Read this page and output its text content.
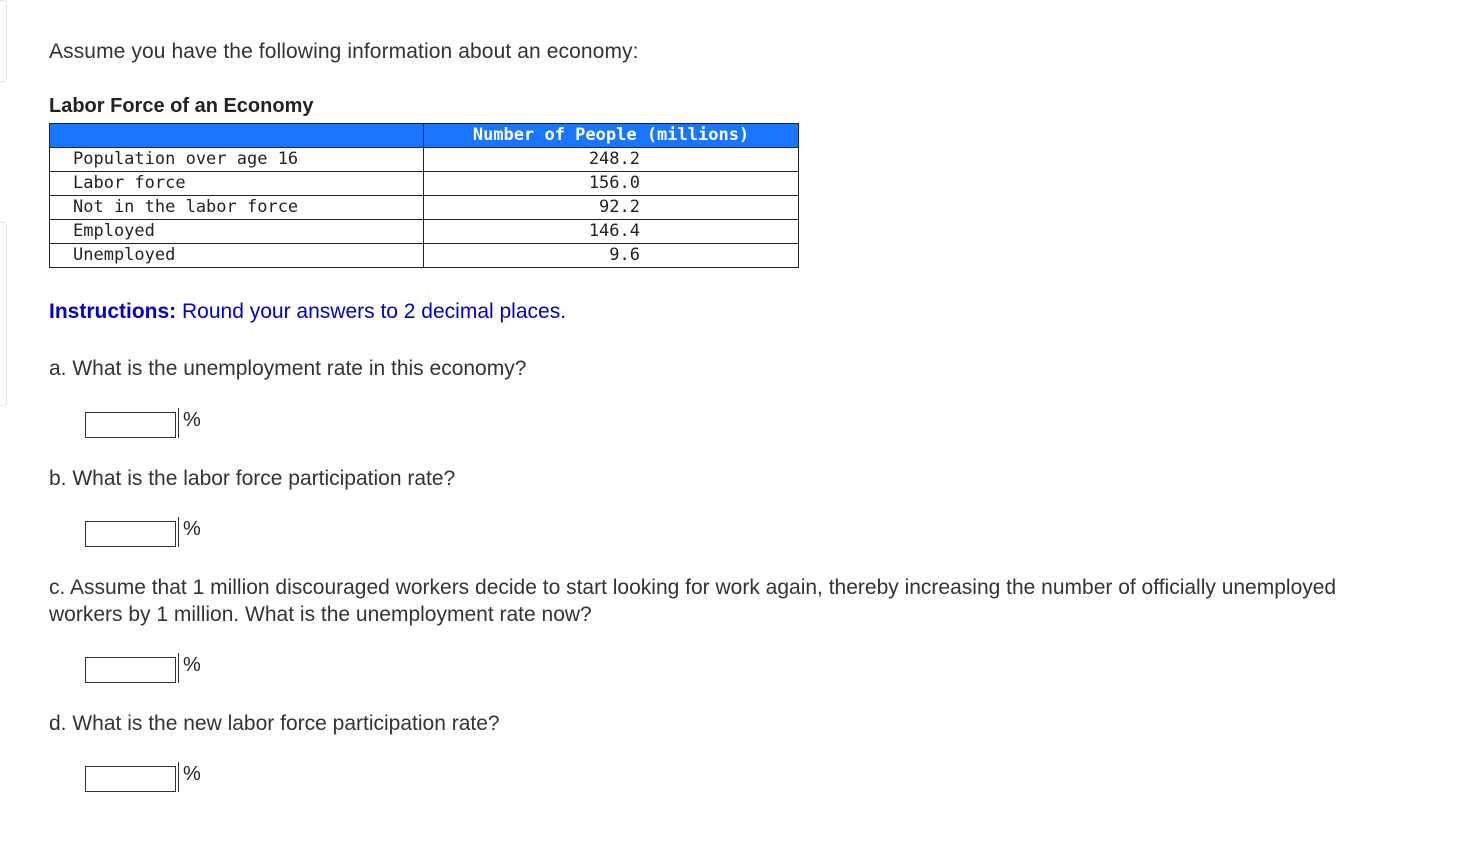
Assume you have the following information about an economy:
Labor Force of an Economy
	Number of People (millions)
Population over age 16	248.2
Labor force	156.0
Not in the labor force	92.2
Employed	146.4
Unemployed	9.6
Instructions: Round your answers to 2 decimal places.
a. What is the unemployment rate in this economy?
%
b. What is the labor force participation rate?
%
c. Assume that 1 million discouraged workers decide to start looking for work again, thereby increasing the number of officially unemployed workers by 1 million. What is the unemployment rate now?
%
d. What is the new labor force participation rate?
%
